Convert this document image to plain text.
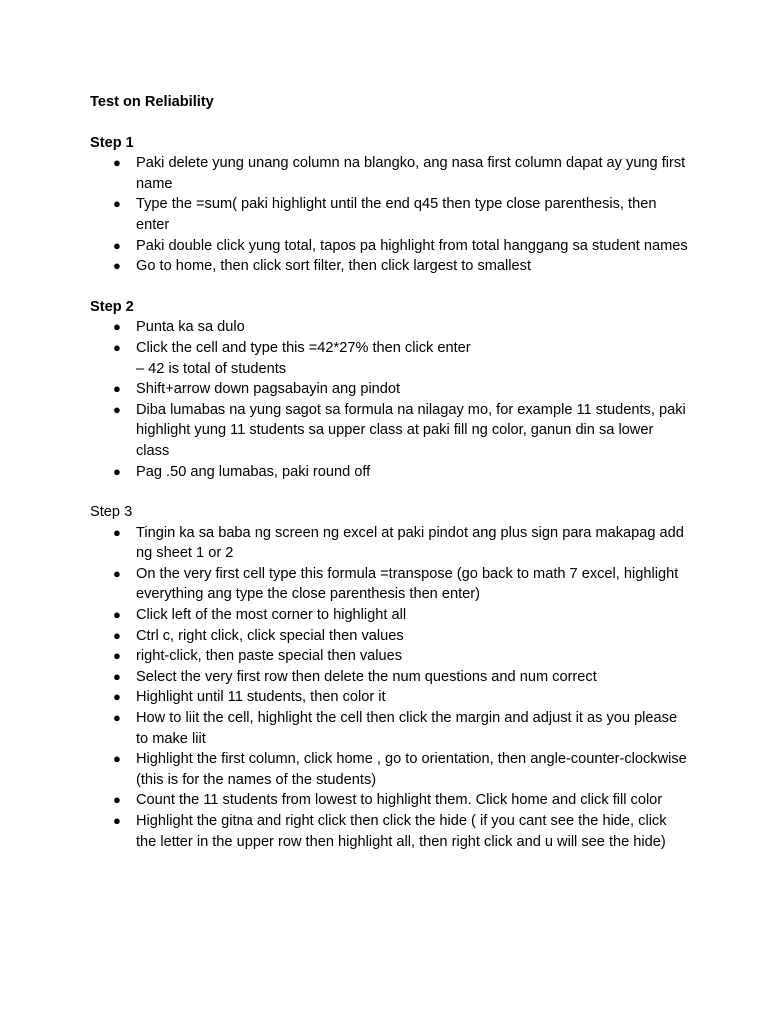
Test on Reliability

Step 1

● Paki delete yung unang column na blangko, ang nasa first column dapat ay yung first name
● Type the =sum( paki highlight until the end q45 then type close parenthesis, then enter
● Paki double click yung total, tapos pa highlight from total hanggang sa student names
● Go to home, then click sort filter, then click largest to smallest

Step 2

● Punta ka sa dulo
● Click the cell and type this =42*27% then click enter
– 42 is total of students
● Shift+arrow down pagsabayin ang pindot
● Diba lumabas na yung sagot sa formula na nilagay mo, for example 11 students, paki highlight yung 11 students sa upper class at paki fill ng color, ganun din sa lower class
● Pag .50 ang lumabas, paki round off

Step 3

● Tingin ka sa baba ng screen ng excel at paki pindot ang plus sign para makapag add ng sheet 1 or 2
● On the very first cell type this formula =transpose (go back to math 7 excel, highlight everything ang type the close parenthesis then enter)
● Click left of the most corner to highlight all
● Ctrl c, right click, click special then values
● right-click, then paste special then values
● Select the very first row then delete the num questions and num correct
● Highlight until 11 students, then color it
● How to liit the cell, highlight the cell then click the margin and adjust it as you please to make liit
● Highlight the first column, click home , go to orientation, then angle-counter-clockwise (this is for the names of the students)
● Count the 11 students from lowest to highlight them. Click home and click fill color
● Highlight the gitna and right click then click the hide ( if you cant see the hide, click the letter in the upper row then highlight all, then right click and u will see the hide)
